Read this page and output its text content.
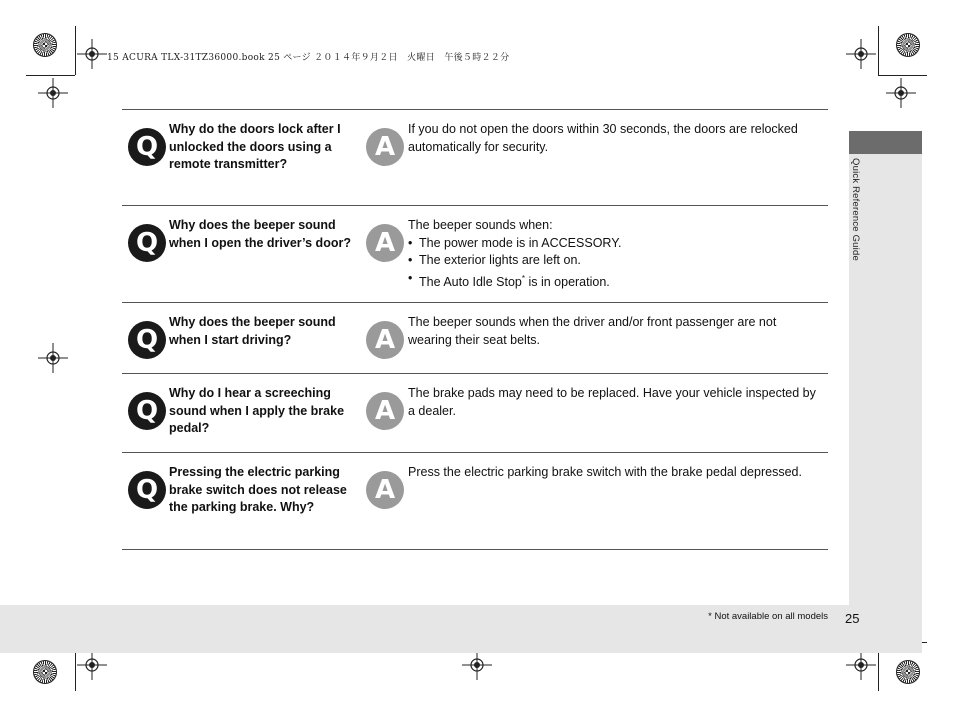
15 ACURA TLX-31TZ36000.book 25 ページ ２０１４年９月２日　火曜日　午後５時２２分
Quick Reference Guide
* Not available on all models 25
Q
Why do the doors lock after I unlocked the doors using a remote transmitter?
A
If you do not open the doors within 30 seconds, the doors are relocked automatically for security.
Q
Why does the beeper sound when I open the driver’s door? A
The beeper sounds when:
• The power mode is in ACCESSORY.
• The exterior lights are left on.
• The Auto Idle Stop* is in operation.
Q
Why does the beeper sound when I start driving?	A
The beeper sounds when the driver and/or front passenger are not wearing their seat belts.
Q
Why do I hear a screeching sound when I apply the brake pedal?
A
The brake pads may need to be replaced. Have your vehicle inspected by a dealer.
Q
Pressing the electric parking brake switch does not release the parking brake. Why?
A
Press the electric parking brake switch with the brake pedal depressed.
